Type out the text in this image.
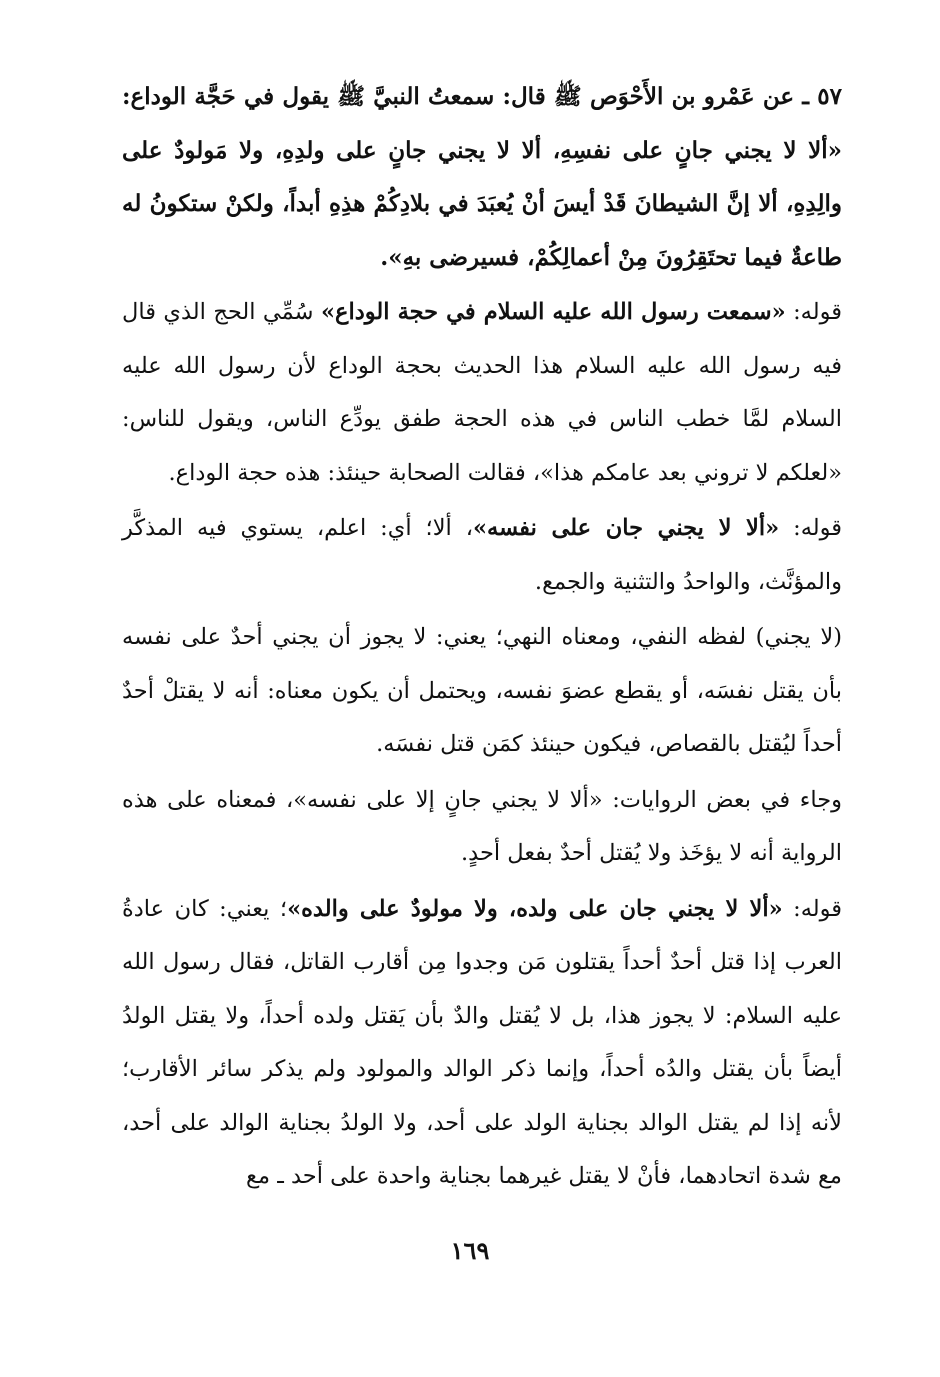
٥٧ ـ عن عَمْرو بن الأَحْوَص ﷺ قال: سمعتُ النبيَّ ﷺ يقول في حَجَّة الوداع: «ألا لا يجني جانٍ على نفسِهِ، ألا لا يجني جانٍ على ولدِهِ، ولا مَولودٌ على والِدِهِ، ألا إنَّ الشيطانَ قَدْ أيسَ أنْ يُعبَدَ في بلادِكُمْ هذِهِ أبداً، ولكنْ ستكونُ له طاعةٌ فيما تحتَقِرُونَ مِنْ أعمالِكُمْ، فسيرضى بهِ».

قوله: «سمعت رسول الله عليه السلام في حجة الوداع» سُمِّي الحج الذي قال فيه رسول الله عليه السلام هذا الحديث بحجة الوداع لأن رسول الله عليه السلام لمَّا خطب الناس في هذه الحجة طفق يودِّع الناس، ويقول للناس: «لعلكم لا تروني بعد عامكم هذا»، فقالت الصحابة حينئذ: هذه حجة الوداع.

قوله: «ألا لا يجني جان على نفسه»، ألا؛ أي: اعلم، يستوي فيه المذكَّر والمؤنَّث، والواحدُ والتثنية والجمع.

(لا يجني) لفظه النفي، ومعناه النهي؛ يعني: لا يجوز أن يجني أحدٌ على نفسه بأن يقتل نفسَه، أو يقطع عضوَ نفسه، ويحتمل أن يكون معناه: أنه لا يقتلْ أحدٌ أحداً ليُقتل بالقصاص، فيكون حينئذ كمَن قتل نفسَه.

وجاء في بعض الروايات: «ألا لا يجني جانٍ إلا على نفسه»، فمعناه على هذه الرواية أنه لا يؤخَذ ولا يُقتل أحدٌ بفعل أحدٍ.

قوله: «ألا لا يجني جان على ولده، ولا مولودٌ على والده»؛ يعني: كان عادةُ العرب إذا قتل أحدٌ أحداً يقتلون مَن وجدوا مِن أقارب القاتل، فقال رسول الله عليه السلام: لا يجوز هذا، بل لا يُقتل والدٌ بأن يَقتل ولده أحداً، ولا يقتل الولدُ أيضاً بأن يقتل والدُه أحداً، وإنما ذكر الوالد والمولود ولم يذكر سائر الأقارب؛ لأنه إذا لم يقتل الوالد بجناية الولد على أحد، ولا الولدُ بجناية الوالد على أحد، مع شدة اتحادهما، فأنْ لا يقتل غيرهما بجناية واحدة على أحد ـ مع

١٦٩
